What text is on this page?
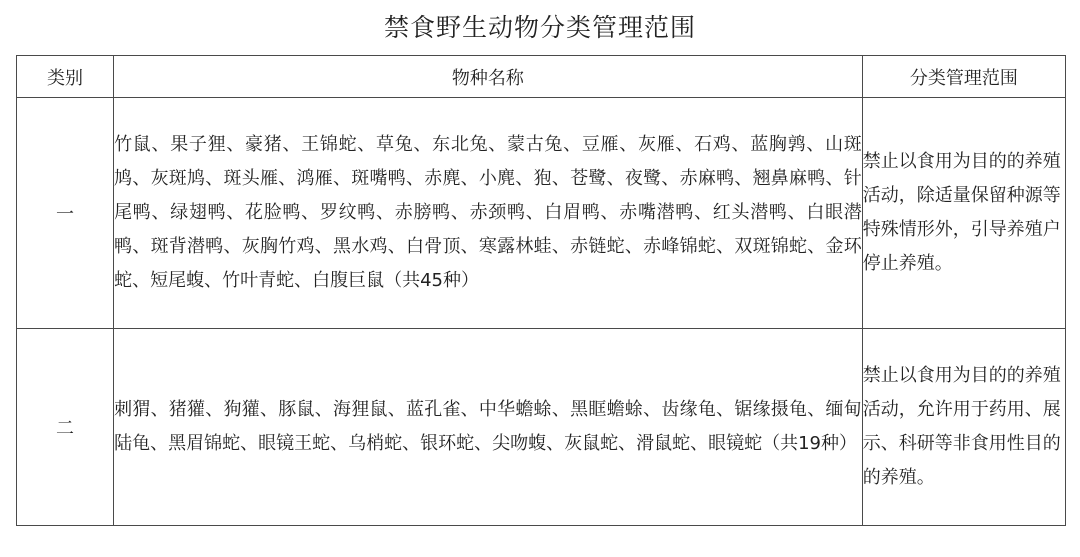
禁食野生动物分类管理范围
类别	物种名称	分类管理范围
一	竹鼠、果子狸、豪猪、王锦蛇、草兔、东北兔、蒙古兔、豆雁、灰雁、石鸡、蓝胸鹑、山斑鸠、灰斑鸠、斑头雁、鸿雁、斑嘴鸭、赤麂、小麂、狍、苍鹭、夜鹭、赤麻鸭、翘鼻麻鸭、针尾鸭、绿翅鸭、花脸鸭、罗纹鸭、赤膀鸭、赤颈鸭、白眉鸭、赤嘴潜鸭、红头潜鸭、白眼潜鸭、斑背潜鸭、灰胸竹鸡、黑水鸡、白骨顶、寒露林蛙、赤链蛇、赤峰锦蛇、双斑锦蛇、金环蛇、短尾蝮、竹叶青蛇、白腹巨鼠（共45种）	禁止以食用为目的的养殖活动，除适量保留种源等特殊情形外，引导养殖户停止养殖。
二	刺猬、猪獾、狗獾、豚鼠、海狸鼠、蓝孔雀、中华蟾蜍、黑眶蟾蜍、齿缘龟、锯缘摄龟、缅甸陆龟、黑眉锦蛇、眼镜王蛇、乌梢蛇、银环蛇、尖吻蝮、灰鼠蛇、滑鼠蛇、眼镜蛇（共19种）	禁止以食用为目的的养殖活动，允许用于药用、展示、科研等非食用性目的的养殖。
